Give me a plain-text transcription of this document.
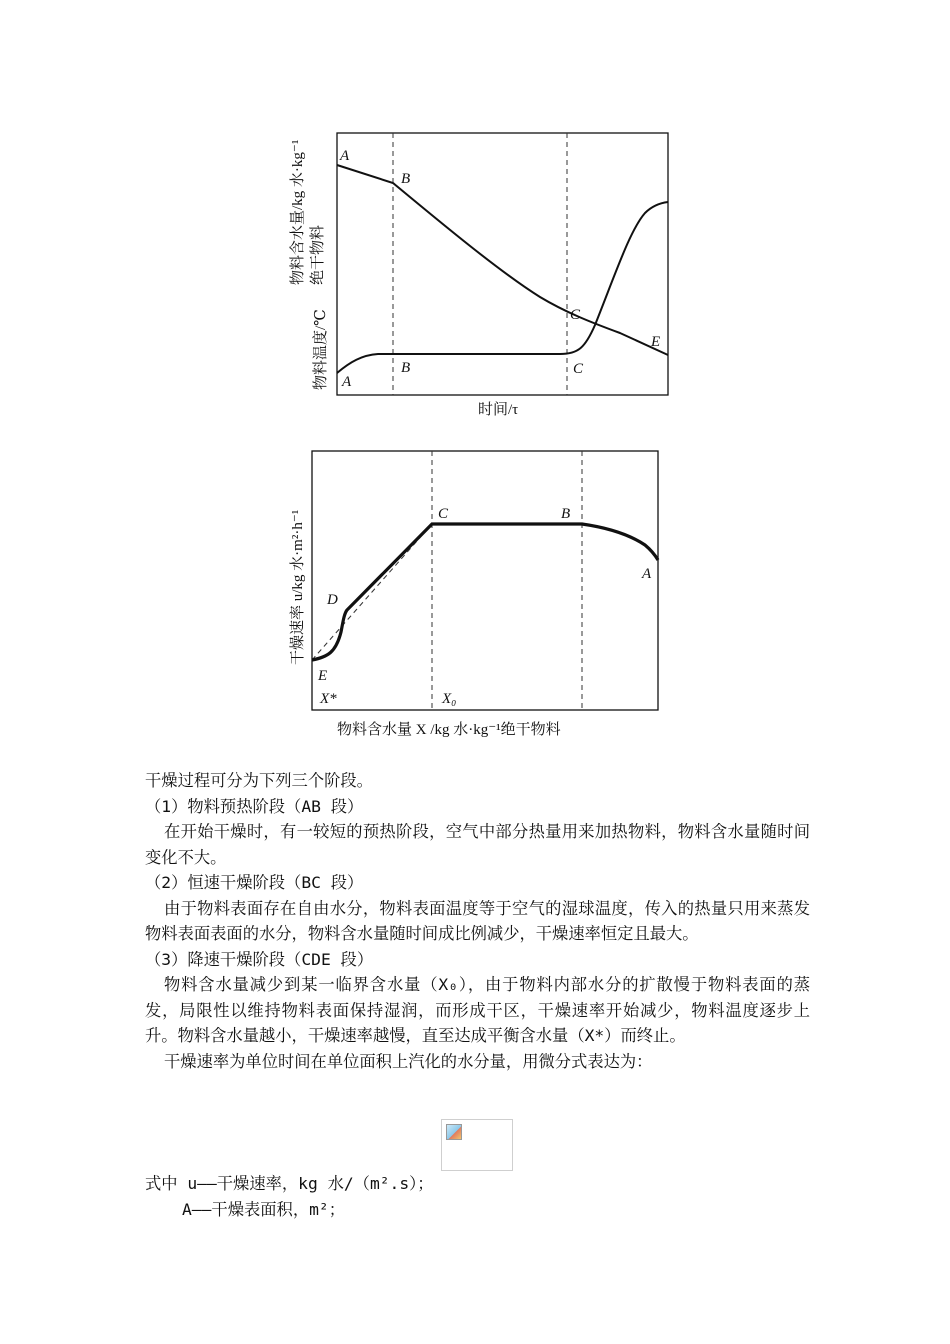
A
B
C
E
A
B	C
物料含水量/kg 水·kg⁻¹ 绝干物料
物料温度/℃
时间/τ
E
D
C	B
A
X*	X₀
干燥速率 u/kg 水·m²·h⁻¹
物料含水量 X /kg 水·kg⁻¹绝干物料
干燥过程可分为下列三个阶段。
（1）物料预热阶段（AB 段）
在开始干燥时，有一较短的预热阶段，空气中部分热量用来加热物料，物料含水量随时间变化不大。
（2）恒速干燥阶段（BC 段）
由于物料表面存在自由水分，物料表面温度等于空气的湿球温度，传入的热量只用来蒸发物料表面表面的水分，物料含水量随时间成比例减少，干燥速率恒定且最大。
（3）降速干燥阶段（CDE 段）
物料含水量减少到某一临界含水量（X₀），由于物料内部水分的扩散慢于物料表面的蒸发，局限性以维持物料表面保持湿润，而形成干区，干燥速率开始减少，物料温度逐步上升。物料含水量越小，干燥速率越慢，直至达成平衡含水量（X*）而终止。
干燥速率为单位时间在单位面积上汽化的水分量，用微分式表达为：
式中 u——干燥速率，kg 水/（m².s）；
A——干燥表面积，m²；
